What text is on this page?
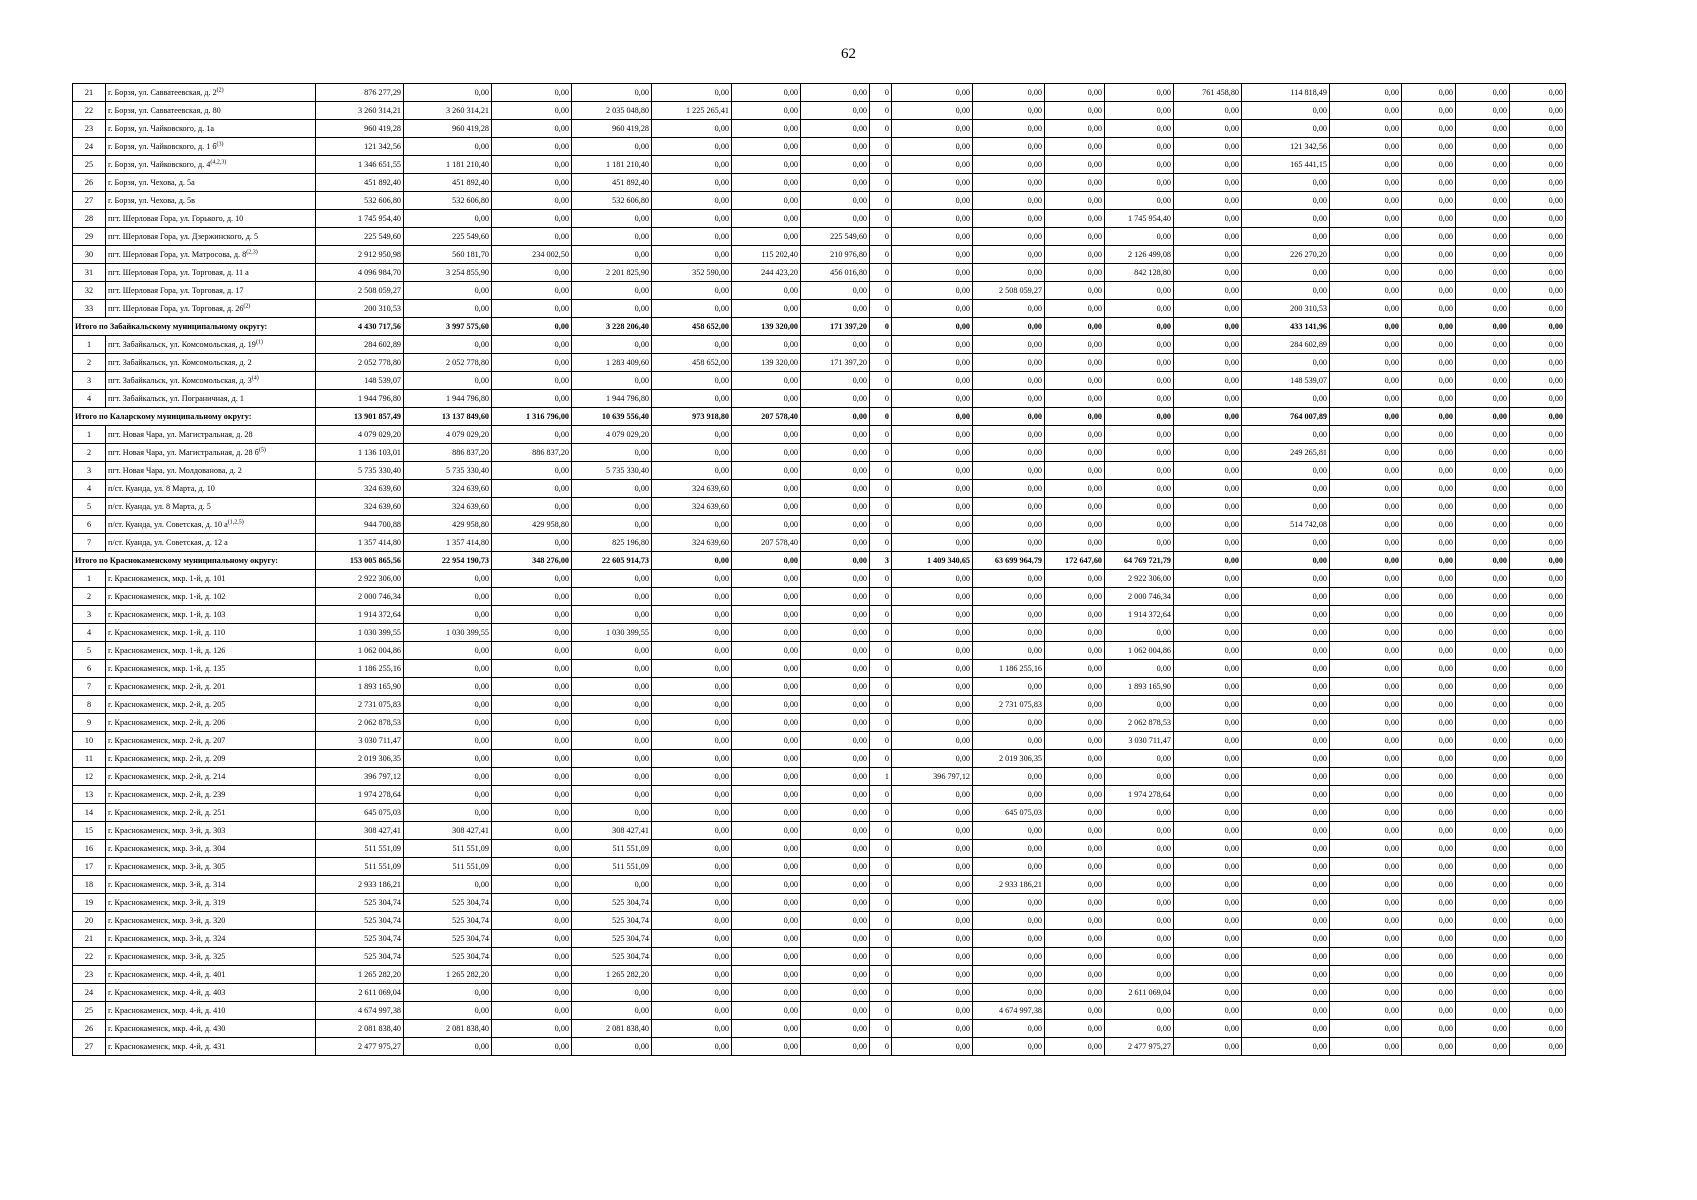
62
21	г. Борзя, ул. Савватеевская, д. 2$^{(2)}$	876 277,29	0,00	0,00	0,00	0,00	0,00	0,00	0	0,00	0,00	0,00	0,00	761 458,80	114 818,49	0,00	0,00	0,00	0,00
22	г. Борзя, ул. Савватеевская, д. 80	3 260 314,21	3 260 314,21	0,00	2 035 048,80	1 225 265,41	0,00	0,00	0	0,00	0,00	0,00	0,00	0,00	0,00	0,00	0,00	0,00	0,00
23	г. Борзя, ул. Чайковского, д. 1а	960 419,28	960 419,28	0,00	960 419,28	0,00	0,00	0,00	0	0,00	0,00	0,00	0,00	0,00	0,00	0,00	0,00	0,00	0,00
24	г. Борзя, ул. Чайковского, д. 1 $б^{(3)}$	121 342,56	0,00	0,00	0,00	0,00	0,00	0,00	0	0,00	0,00	0,00	0,00	0,00	121 342,56	0,00	0,00	0,00	0,00
25	г. Борзя, ул. Чайковского, д. 4$^{(4,2,3)}$	1 346 651,55	1 181 210,40	0,00	1 181 210,40	0,00	0,00	0,00	0	0,00	0,00	0,00	0,00	0,00	165 441,15	0,00	0,00	0,00	0,00
26	г. Борзя, ул. Чехова, д. 5а	451 892,40	451 892,40	0,00	451 892,40	0,00	0,00	0,00	0	0,00	0,00	0,00	0,00	0,00	0,00	0,00	0,00	0,00	0,00
27	г. Борзя, ул. Чехова, д. 5в	532 606,80	532 606,80	0,00	532 606,80	0,00	0,00	0,00	0	0,00	0,00	0,00	0,00	0,00	0,00	0,00	0,00	0,00	0,00
28	пгт. Шерловая Гора, ул. Горького, д. 10	1 745 954,40	0,00	0,00	0,00	0,00	0,00	0,00	0	0,00	0,00	0,00	1 745 954,40	0,00	0,00	0,00	0,00	0,00	0,00
29	пгт. Шерловая Гора, ул. Дзержинского, д. 5	225 549,60	225 549,60	0,00	0,00	0,00	0,00	225 549,60	0	0,00	0,00	0,00	0,00	0,00	0,00	0,00	0,00	0,00	0,00
30	пгт. Шерловая Гора, ул. Матросова, д. 8$^{(2,3)}$	2 912 950,98	560 181,70	234 002,50	0,00	0,00	115 202,40	210 976,80	0	0,00	0,00	0,00	2 126 499,08	0,00	226 270,20	0,00	0,00	0,00	0,00
31	пгт. Шерловая Гора, ул. Торговая, д. 11 а	4 096 984,70	3 254 855,90	0,00	2 201 825,90	352 590,00	244 423,20	456 016,80	0	0,00	0,00	0,00	842 128,80	0,00	0,00	0,00	0,00	0,00	0,00
32	пгт. Шерловая Гора, ул. Торговая, д. 17	2 508 059,27	0,00	0,00	0,00	0,00	0,00	0,00	0	0,00	2 508 059,27	0,00	0,00	0,00	0,00	0,00	0,00	0,00	0,00
33	пгт. Шерловая Гора, ул. Торговая, д. 26$^{(2)}$	200 310,53	0,00	0,00	0,00	0,00	0,00	0,00	0	0,00	0,00	0,00	0,00	0,00	200 310,53	0,00	0,00	0,00	0,00
Итого по Забайкальскому муниципальному округу:		4 430 717,56	3 997 575,60	0,00	3 228 206,40	458 652,00	139 320,00	171 397,20	0	0,00	0,00	0,00	0,00	0,00	433 141,96	0,00	0,00	0,00	0,00
1	пгт. Забайкальск, ул. Комсомольская, д. 19$^{(1)}$	284 602,89	0,00	0,00	0,00	0,00	0,00	0,00	0	0,00	0,00	0,00	0,00	0,00	284 602,89	0,00	0,00	0,00	0,00
2	пгт. Забайкальск, ул. Комсомольская, д. 2	2 052 778,80	2 052 778,80	0,00	1 283 409,60	458 652,00	139 320,00	171 397,20	0	0,00	0,00	0,00	0,00	0,00	0,00	0,00	0,00	0,00	0,00
3	пгт. Забайкальск, ул. Комсомольская, д. 3$^{(4)}$	148 539,07	0,00	0,00	0,00	0,00	0,00	0,00	0	0,00	0,00	0,00	0,00	0,00	148 539,07	0,00	0,00	0,00	0,00
4	пгт. Забайкальск, ул. Пограничная, д. 1	1 944 796,80	1 944 796,80	0,00	1 944 796,80	0,00	0,00	0,00	0	0,00	0,00	0,00	0,00	0,00	0,00	0,00	0,00	0,00	0,00
Итого по Каларскому муниципальному округу:		13 901 857,49	13 137 849,60	1 316 796,00	10 639 556,40	973 918,80	207 578,40	0,00	0	0,00	0,00	0,00	0,00	0,00	764 007,89	0,00	0,00	0,00	0,00
1	пгт. Новая Чара, ул. Магистральная, д. 28	4 079 029,20	4 079 029,20	0,00	4 079 029,20	0,00	0,00	0,00	0	0,00	0,00	0,00	0,00	0,00	0,00	0,00	0,00	0,00	0,00
2	пгт. Новая Чара, ул. Магистральная, д. 28 $б^{(5)}$	1 136 103,01	886 837,20	886 837,20	0,00	0,00	0,00	0,00	0	0,00	0,00	0,00	0,00	0,00	249 265,81	0,00	0,00	0,00	0,00
3	пгт. Новая Чара, ул. Молдованова, д. 2	5 735 330,40	5 735 330,40	0,00	5 735 330,40	0,00	0,00	0,00	0	0,00	0,00	0,00	0,00	0,00	0,00	0,00	0,00	0,00	0,00
4	п/ст. Куанда, ул. 8 Марта, д. 10	324 639,60	324 639,60	0,00	0,00	324 639,60	0,00	0,00	0	0,00	0,00	0,00	0,00	0,00	0,00	0,00	0,00	0,00	0,00
5	п/ст. Куанда, ул. 8 Марта, д. 5	324 639,60	324 639,60	0,00	0,00	324 639,60	0,00	0,00	0	0,00	0,00	0,00	0,00	0,00	0,00	0,00	0,00	0,00	0,00
6	п/ст. Куанда, ул. Советская, д. 10 $а^{(1,2,5)}$	944 700,88	429 958,80	429 958,80	0,00	0,00	0,00	0,00	0	0,00	0,00	0,00	0,00	0,00	514 742,08	0,00	0,00	0,00	0,00
7	п/ст. Куанда, ул. Советская, д. 12 а	1 357 414,80	1 357 414,80	0,00	825 196,80	324 639,60	207 578,40	0,00	0	0,00	0,00	0,00	0,00	0,00	0,00	0,00	0,00	0,00	0,00
Итого по Краснокаменскому муниципальному округу:		153 005 865,56	22 954 190,73	348 276,00	22 605 914,73	0,00	0,00	0,00	3	1 409 340,65	63 699 964,79	172 647,60	64 769 721,79	0,00	0,00	0,00	0,00	0,00	0,00
1	г. Краснокаменск, мкр. 1-й, д. 101	2 922 306,00	0,00	0,00	0,00	0,00	0,00	0,00	0	0,00	0,00	0,00	2 922 306,00	0,00	0,00	0,00	0,00	0,00	0,00
2	г. Краснокаменск, мкр. 1-й, д. 102	2 000 746,34	0,00	0,00	0,00	0,00	0,00	0,00	0	0,00	0,00	0,00	2 000 746,34	0,00	0,00	0,00	0,00	0,00	0,00
3	г. Краснокаменск, мкр. 1-й, д. 103	1 914 372,64	0,00	0,00	0,00	0,00	0,00	0,00	0	0,00	0,00	0,00	1 914 372,64	0,00	0,00	0,00	0,00	0,00	0,00
4	г. Краснокаменск, мкр. 1-й, д. 110	1 030 399,55	1 030 399,55	0,00	1 030 399,55	0,00	0,00	0,00	0	0,00	0,00	0,00	0,00	0,00	0,00	0,00	0,00	0,00	0,00
5	г. Краснокаменск, мкр. 1-й, д. 126	1 062 004,86	0,00	0,00	0,00	0,00	0,00	0,00	0	0,00	0,00	0,00	1 062 004,86	0,00	0,00	0,00	0,00	0,00	0,00
6	г. Краснокаменск, мкр. 1-й, д. 135	1 186 255,16	0,00	0,00	0,00	0,00	0,00	0,00	0	0,00	1 186 255,16	0,00	0,00	0,00	0,00	0,00	0,00	0,00	0,00
7	г. Краснокаменск, мкр. 2-й, д. 201	1 893 165,90	0,00	0,00	0,00	0,00	0,00	0,00	0	0,00	0,00	0,00	1 893 165,90	0,00	0,00	0,00	0,00	0,00	0,00
8	г. Краснокаменск, мкр. 2-й, д. 205	2 731 075,83	0,00	0,00	0,00	0,00	0,00	0,00	0	0,00	2 731 075,83	0,00	0,00	0,00	0,00	0,00	0,00	0,00	0,00
9	г. Краснокаменск, мкр. 2-й, д. 206	2 062 878,53	0,00	0,00	0,00	0,00	0,00	0,00	0	0,00	0,00	0,00	2 062 878,53	0,00	0,00	0,00	0,00	0,00	0,00
10	г. Краснокаменск, мкр. 2-й, д. 207	3 030 711,47	0,00	0,00	0,00	0,00	0,00	0,00	0	0,00	0,00	0,00	3 030 711,47	0,00	0,00	0,00	0,00	0,00	0,00
11	г. Краснокаменск, мкр. 2-й, д. 209	2 019 306,35	0,00	0,00	0,00	0,00	0,00	0,00	0	0,00	2 019 306,35	0,00	0,00	0,00	0,00	0,00	0,00	0,00	0,00
12	г. Краснокаменск, мкр. 2-й, д. 214	396 797,12	0,00	0,00	0,00	0,00	0,00	0,00	1	396 797,12	0,00	0,00	0,00	0,00	0,00	0,00	0,00	0,00	0,00
13	г. Краснокаменск, мкр. 2-й, д. 239	1 974 278,64	0,00	0,00	0,00	0,00	0,00	0,00	0	0,00	0,00	0,00	1 974 278,64	0,00	0,00	0,00	0,00	0,00	0,00
14	г. Краснокаменск, мкр. 2-й, д. 251	645 075,03	0,00	0,00	0,00	0,00	0,00	0,00	0	0,00	645 075,03	0,00	0,00	0,00	0,00	0,00	0,00	0,00	0,00
15	г. Краснокаменск, мкр. 3-й, д. 303	308 427,41	308 427,41	0,00	308 427,41	0,00	0,00	0,00	0	0,00	0,00	0,00	0,00	0,00	0,00	0,00	0,00	0,00	0,00
16	г. Краснокаменск, мкр. 3-й, д. 304	511 551,09	511 551,09	0,00	511 551,09	0,00	0,00	0,00	0	0,00	0,00	0,00	0,00	0,00	0,00	0,00	0,00	0,00	0,00
17	г. Краснокаменск, мкр. 3-й, д. 305	511 551,09	511 551,09	0,00	511 551,09	0,00	0,00	0,00	0	0,00	0,00	0,00	0,00	0,00	0,00	0,00	0,00	0,00	0,00
18	г. Краснокаменск, мкр. 3-й, д. 314	2 933 186,21	0,00	0,00	0,00	0,00	0,00	0,00	0	0,00	2 933 186,21	0,00	0,00	0,00	0,00	0,00	0,00	0,00	0,00
19	г. Краснокаменск, мкр. 3-й, д. 319	525 304,74	525 304,74	0,00	525 304,74	0,00	0,00	0,00	0	0,00	0,00	0,00	0,00	0,00	0,00	0,00	0,00	0,00	0,00
20	г. Краснокаменск, мкр. 3-й, д. 320	525 304,74	525 304,74	0,00	525 304,74	0,00	0,00	0,00	0	0,00	0,00	0,00	0,00	0,00	0,00	0,00	0,00	0,00	0,00
21	г. Краснокаменск, мкр. 3-й, д. 324	525 304,74	525 304,74	0,00	525 304,74	0,00	0,00	0,00	0	0,00	0,00	0,00	0,00	0,00	0,00	0,00	0,00	0,00	0,00
22	г. Краснокаменск, мкр. 3-й, д. 325	525 304,74	525 304,74	0,00	525 304,74	0,00	0,00	0,00	0	0,00	0,00	0,00	0,00	0,00	0,00	0,00	0,00	0,00	0,00
23	г. Краснокаменск, мкр. 4-й, д. 401	1 265 282,20	1 265 282,20	0,00	1 265 282,20	0,00	0,00	0,00	0	0,00	0,00	0,00	0,00	0,00	0,00	0,00	0,00	0,00	0,00
24	г. Краснокаменск, мкр. 4-й, д. 403	2 611 069,04	0,00	0,00	0,00	0,00	0,00	0,00	0	0,00	0,00	0,00	2 611 069,04	0,00	0,00	0,00	0,00	0,00	0,00
25	г. Краснокаменск, мкр. 4-й, д. 410	4 674 997,38	0,00	0,00	0,00	0,00	0,00	0,00	0	0,00	4 674 997,38	0,00	0,00	0,00	0,00	0,00	0,00	0,00	0,00
26	г. Краснокаменск, мкр. 4-й, д. 430	2 081 838,40	2 081 838,40	0,00	2 081 838,40	0,00	0,00	0,00	0	0,00	0,00	0,00	0,00	0,00	0,00	0,00	0,00	0,00	0,00
27	г. Краснокаменск, мкр. 4-й, д. 431	2 477 975,27	0,00	0,00	0,00	0,00	0,00	0,00	0	0,00	0,00	0,00	2 477 975,27	0,00	0,00	0,00	0,00	0,00	0,00
